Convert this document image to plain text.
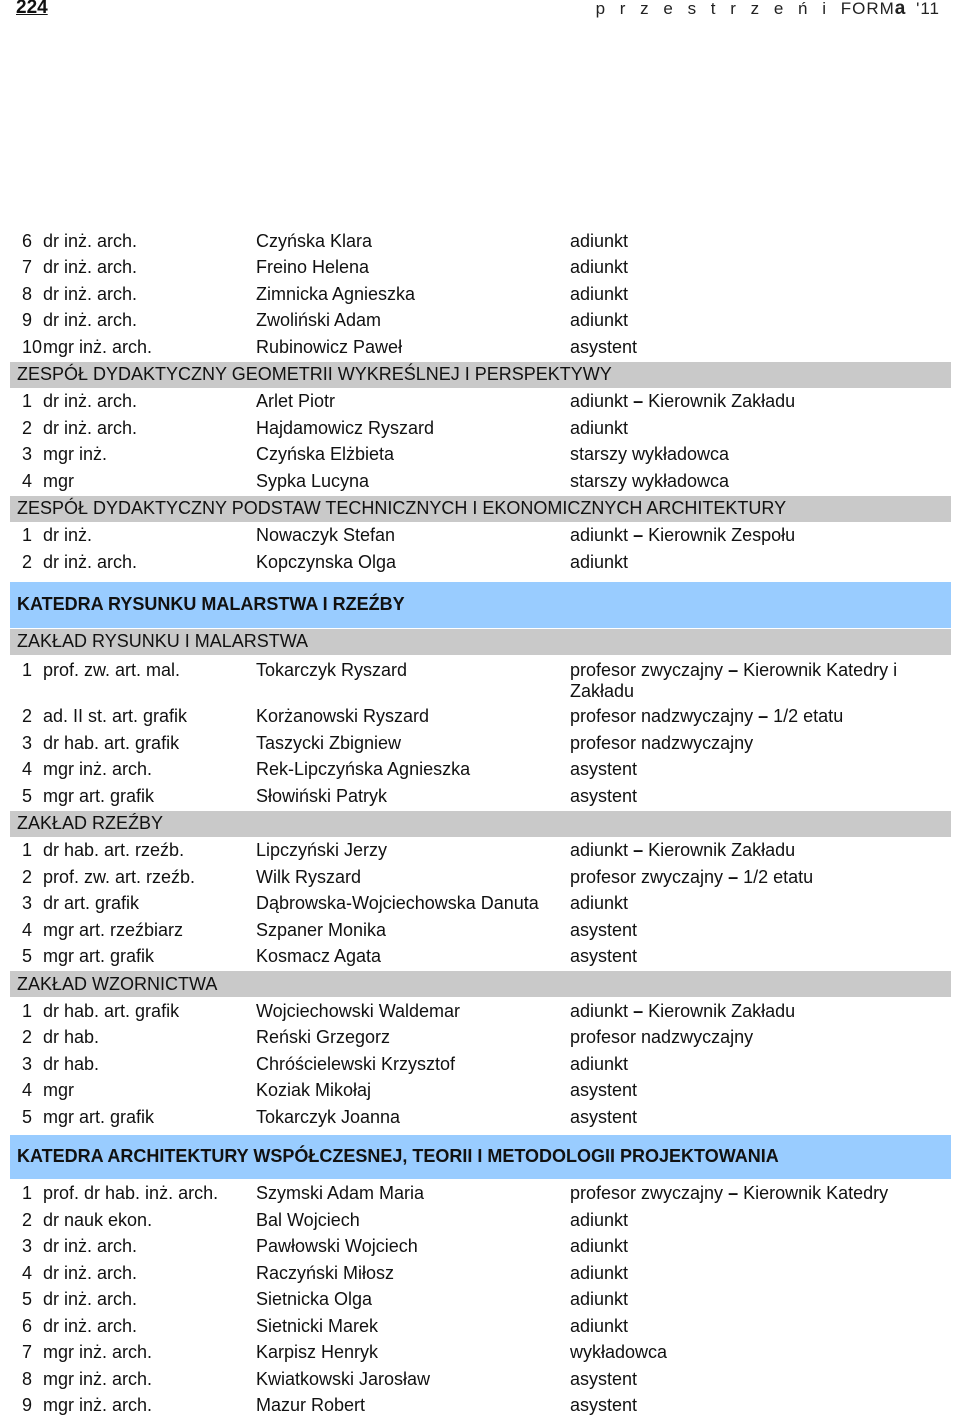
224	p r z e s t r z e ń i FORMa '11
6 dr inż. arch.	Czyńska Klara	adiunkt
7 dr inż. arch.	Freino Helena	adiunkt
8 dr inż. arch.	Zimnicka Agnieszka	adiunkt
9 dr inż. arch.	Zwoliński Adam	adiunkt
10 mgr inż. arch.	Rubinowicz Paweł	asystent
ZESPÓŁ DYDAKTYCZNY GEOMETRII WYKREŚLNEJ I PERSPEKTYWY
1 dr inż. arch.	Arlet Piotr	adiunkt – Kierownik Zakładu
2 dr inż. arch.	Hajdamowicz Ryszard	adiunkt
3 mgr inż.	Czyńska Elżbieta	starszy wykładowca
4 mgr	Sypka Lucyna	starszy wykładowca
ZESPÓŁ DYDAKTYCZNY PODSTAW TECHNICZNYCH I EKONOMICZNYCH ARCHITEKTURY
1 dr inż.	Nowaczyk Stefan	adiunkt – Kierownik Zespołu
2 dr inż. arch.	Kopczynska Olga	adiunkt
KATEDRA RYSUNKU MALARSTWA I RZEŹBY
ZAKŁAD RYSUNKU I MALARSTWA
1 prof. zw. art. mal.	Tokarczyk Ryszard	profesor zwyczajny – Kierownik Katedry i Zakładu
2 ad. II st. art. grafik	Korżanowski Ryszard	profesor nadzwyczajny – 1/2 etatu
3 dr hab. art. grafik	Taszycki Zbigniew	profesor nadzwyczajny
4 mgr inż. arch.	Rek-Lipczyńska Agnieszka	asystent
5 mgr art. grafik	Słowiński Patryk	asystent
ZAKŁAD RZEŹBY
1 dr hab. art. rzeźb.	Lipczyński Jerzy	adiunkt – Kierownik Zakładu
2 prof. zw. art. rzeźb.	Wilk Ryszard	profesor zwyczajny – 1/2 etatu
3 dr art. grafik	Dąbrowska-Wojciechowska Danuta	adiunkt
4 mgr art. rzeźbiarz	Szpaner Monika	asystent
5 mgr art. grafik	Kosmacz Agata	asystent
ZAKŁAD WZORNICTWA
1 dr hab. art. grafik	Wojciechowski Waldemar	adiunkt – Kierownik Zakładu
2 dr hab.	Reński Grzegorz	profesor nadzwyczajny
3 dr hab.	Chróścielewski Krzysztof	adiunkt
4 mgr	Koziak Mikołaj	asystent
5 mgr art. grafik	Tokarczyk Joanna	asystent
KATEDRA ARCHITEKTURY WSPÓŁCZESNEJ, TEORII I METODOLOGII PROJEKTOWANIA
1 prof. dr hab. inż. arch.	Szymski Adam Maria	profesor zwyczajny – Kierownik Katedry
2 dr nauk ekon.	Bal Wojciech	adiunkt
3 dr inż. arch.	Pawłowski Wojciech	adiunkt
4 dr inż. arch.	Raczyński Miłosz	adiunkt
5 dr inż. arch.	Sietnicka Olga	adiunkt
6 dr inż. arch.	Sietnicki Marek	adiunkt
7 mgr inż. arch.	Karpisz Henryk	wykładowca
8 mgr inż. arch.	Kwiatkowski Jarosław	asystent
9 mgr inż. arch.	Mazur Robert	asystent
